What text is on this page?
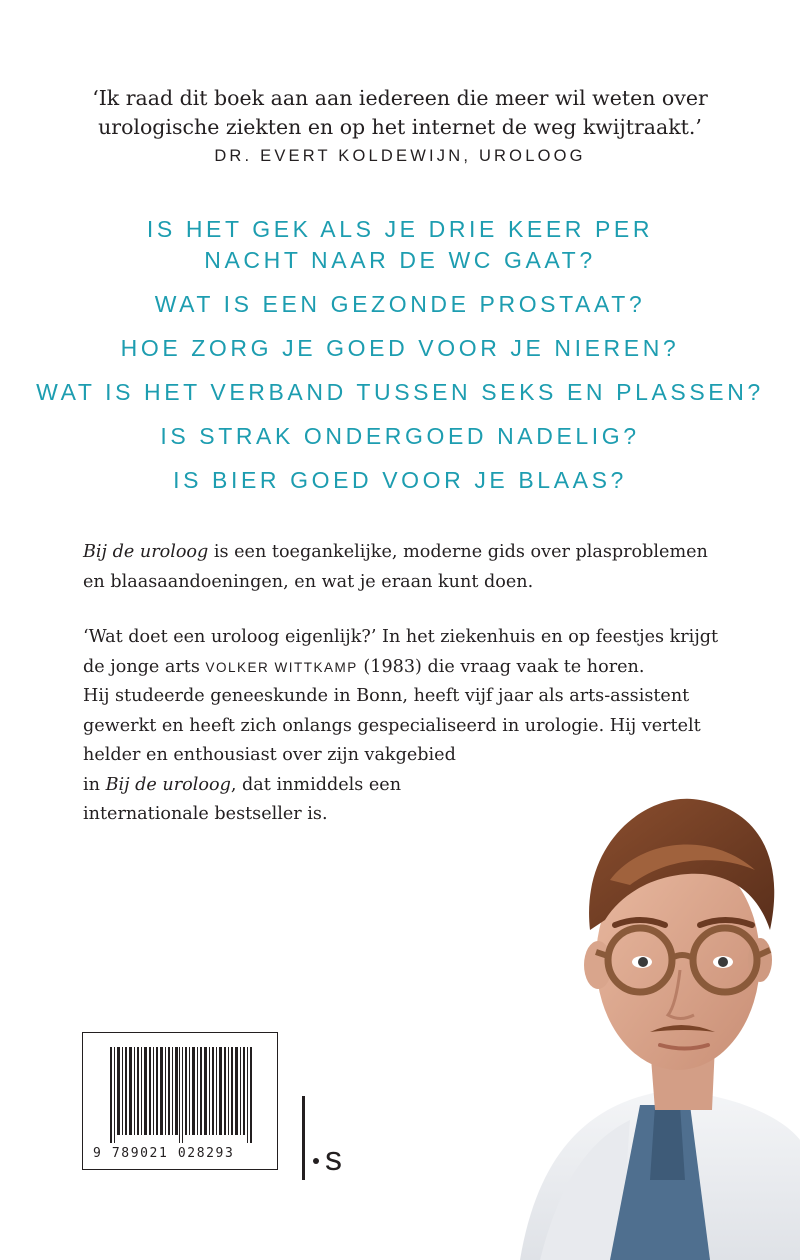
‘Ik raad dit boek aan aan iedereen die meer wil weten over
urologische ziekten en op het internet de weg kwijtraakt.’
DR. EVERT KOLDEWIJN, UROLOOG
IS HET GEK ALS JE DRIE KEER PER
NACHT NAAR DE WC GAAT?
WAT IS EEN GEZONDE PROSTAAT?
HOE ZORG JE GOED VOOR JE NIEREN?
WAT IS HET VERBAND TUSSEN SEKS EN PLASSEN?
IS STRAK ONDERGOED NADELIG?
IS BIER GOED VOOR JE BLAAS?
Bij de uroloog is een toegankelijke, moderne gids over plasproblemen
en blaasaandoeningen, en wat je eraan kunt doen.
‘Wat doet een uroloog eigenlijk?’ In het ziekenhuis en op feestjes krijgt
de jonge arts VOLKER WITTKAMP (1983) die vraag vaak te horen.
Hij studeerde geneeskunde in Bonn, heeft vijf jaar als arts-assistent
gewerkt en heeft zich onlangs gespecialiseerd in urologie. Hij vertelt
helder en enthousiast over zijn vakgebied
in Bij de uroloog, dat inmiddels een
internationale bestseller is.
9 789021 028293	s
